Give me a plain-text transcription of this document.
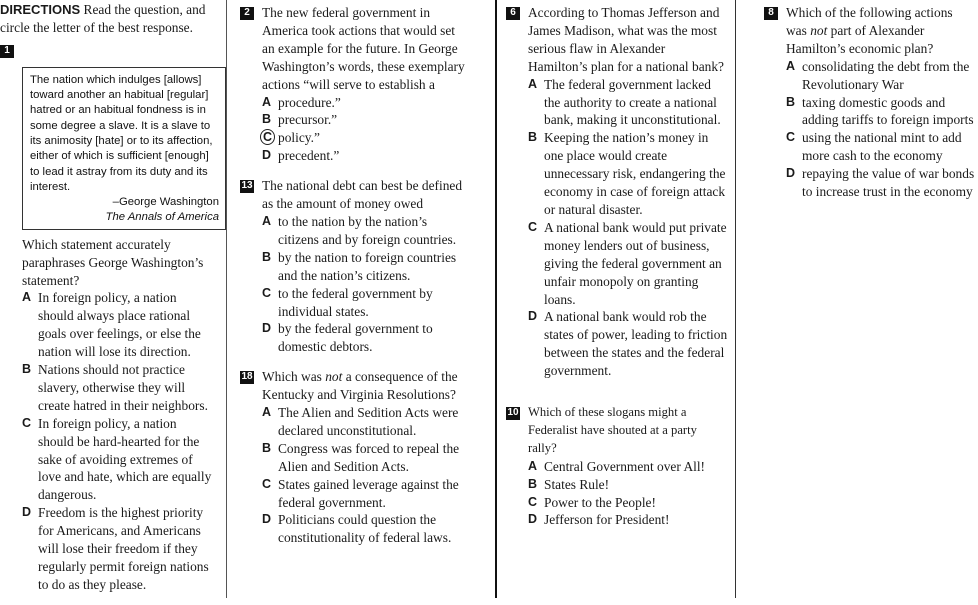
DIRECTIONS Read the question, and circle the letter of the best response.
1
The nation which indulges [allows] toward another an habitual [regular] hatred or an habitual fondness is in some degree a slave. It is a slave to its animosity [hate] or to its affection, either of which is sufficient [enough] to lead it astray from its duty and its interest.
–George Washington
The Annals of America
Which statement accurately paraphrases George Washington’s statement?
A In foreign policy, a nation should always place rational goals over feelings, or else the nation will lose its direction.
B Nations should not practice slavery, otherwise they will create hatred in their neighbors.
C In foreign policy, a nation should be hard-hearted for the sake of avoiding extremes of love and hate, which are equally dangerous.
D Freedom is the highest priority for Americans, and Americans will lose their freedom if they regularly permit foreign nations to do as they please.
2 The new federal government in America took actions that would set an example for the future. In George Washington’s words, these exemplary actions “will serve to establish a
A procedure.”
B precursor.”
C policy.”
D precedent.”
13 The national debt can best be defined as the amount of money owed
A to the nation by the nation’s citizens and by foreign countries.
B by the nation to foreign countries and the nation’s citizens.
C to the federal government by individual states.
D by the federal government to domestic debtors.
18 Which was not a consequence of the Kentucky and Virginia Resolutions?
A The Alien and Sedition Acts were declared unconstitutional.
B Congress was forced to repeal the Alien and Sedition Acts.
C States gained leverage against the federal government.
D Politicians could question the constitutionality of federal laws.
6 According to Thomas Jefferson and James Madison, what was the most serious flaw in Alexander Hamilton’s plan for a national bank?
A The federal government lacked the authority to create a national bank, making it unconstitutional.
B Keeping the nation’s money in one place would create unnecessary risk, endangering the economy in case of foreign attack or natural disaster.
C A national bank would put private money lenders out of business, giving the federal government an unfair monopoly on granting loans.
D A national bank would rob the states of power, leading to friction between the states and the federal government.
10 Which of these slogans might a Federalist have shouted at a party rally?
A Central Government over All!
B States Rule!
C Power to the People!
D Jefferson for President!
8 Which of the following actions was not part of Alexander Hamilton’s economic plan?
A consolidating the debt from the Revolutionary War
B taxing domestic goods and adding tariffs to foreign imports
C using the national mint to add more cash to the economy
D repaying the value of war bonds to increase trust in the economy
